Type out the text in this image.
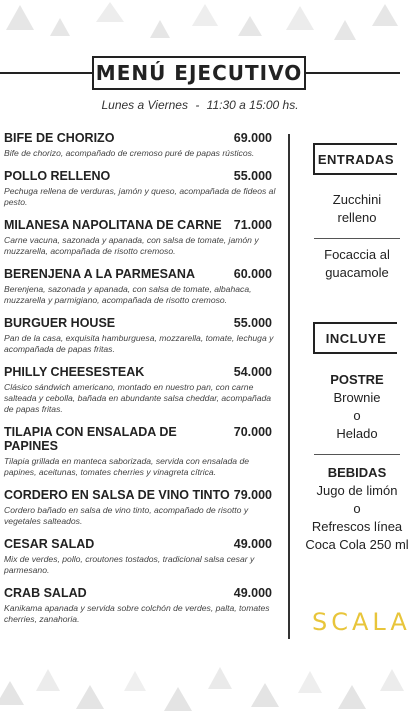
MENÚ EJECUTIVO
Lunes a Viernes - 11:30 a 15:00 hs.
BIFE DE CHORIZO	69.000
Bife de chorizo, acompañado de cremoso puré de papas rústicos.
POLLO RELLENO	55.000
Pechuga rellena de verduras, jamón y queso, acompañada de fideos al pesto.
MILANESA NAPOLITANA DE CARNE 71.000
Carne vacuna, sazonada y apanada, con salsa de tomate, jamón y muzzarella, acompañada de risotto cremoso.
BERENJENA A LA PARMESANA	60.000
Berenjena, sazonada y apanada, con salsa de tomate, albahaca, muzzarella y parmigiano, acompañada de risotto cremoso.
BURGUER HOUSE	55.000
Pan de la casa, exquisita hamburguesa, mozzarella, tomate, lechuga y acompañada de papas fritas.
PHILLY CHEESESTEAK	54.000
Clásico sándwich americano, montado en nuestro pan, con carne salteada y cebolla, bañada en abundante salsa cheddar, acompañada de papas fritas.
TILAPIA CON ENSALADA DE PAPINES
70.000
Tilapia grillada en manteca saborizada, servida con ensalada de papines, aceitunas, tomates cherries y vinagreta cítrica.
CORDERO EN SALSA DE VINO TINTO 79.000
Cordero bañado en salsa de vino tinto, acompañado de risotto y vegetales salteados.
CESAR SALAD	49.000
Mix de verdes, pollo, croutones tostados, tradicional salsa cesar y parmesano.
CRAB SALAD	49.000
Kanikama apanada y servida sobre colchón de verdes, palta, tomates cherries, zanahoria.
ENTRADAS
Zucchini
relleno
Focaccia al
guacamole
INCLUYE
POSTRE
Brownie
o
Helado
BEBIDAS
Jugo de limón
o
Refrescos línea
Coca Cola 250 ml
SCALA
